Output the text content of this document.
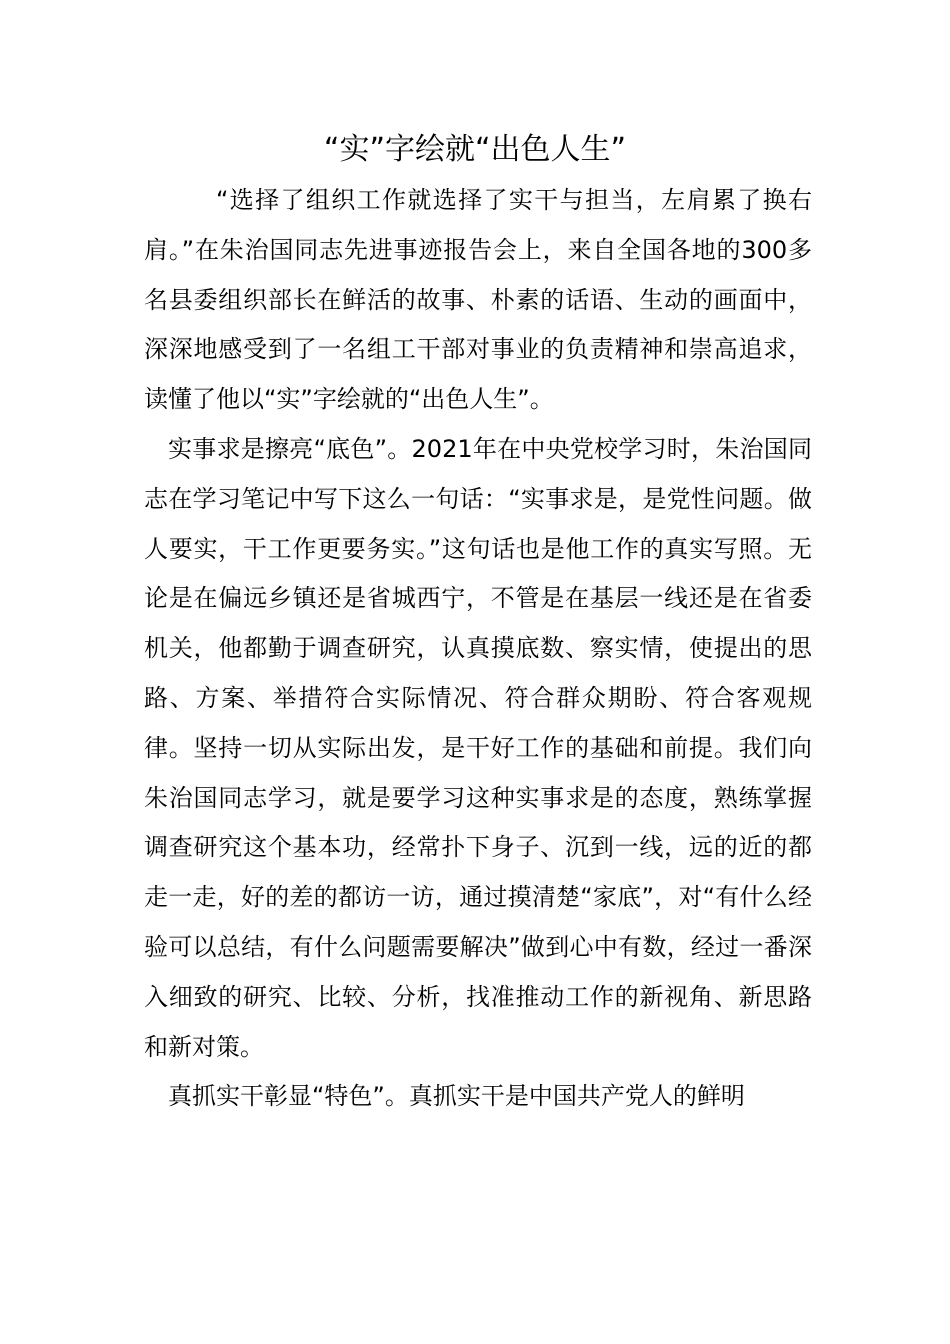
“实”字绘就“出色人生”

“选择了组织工作就选择了实干与担当，左肩累了换右肩。”在朱治国同志先进事迹报告会上，来自全国各地的300多名县委组织部长在鲜活的故事、朴素的话语、生动的画面中，深深地感受到了一名组工干部对事业的负责精神和崇高追求，读懂了他以“实”字绘就的“出色人生”。

实事求是擦亮“底色”。2021年在中央党校学习时，朱治国同志在学习笔记中写下这么一句话：“实事求是，是党性问题。做人要实，干工作更要务实。”这句话也是他工作的真实写照。无论是在偏远乡镇还是省城西宁，不管是在基层一线还是在省委机关，他都勤于调查研究，认真摸底数、察实情，使提出的思路、方案、举措符合实际情况、符合群众期盼、符合客观规律。坚持一切从实际出发，是干好工作的基础和前提。我们向朱治国同志学习，就是要学习这种实事求是的态度，熟练掌握调查研究这个基本功，经常扑下身子、沉到一线，远的近的都走一走，好的差的都访一访，通过摸清楚“家底”，对“有什么经验可以总结，有什么问题需要解决”做到心中有数，经过一番深入细致的研究、比较、分析，找准推动工作的新视角、新思路和新对策。

真抓实干彰显“特色”。真抓实干是中国共产党人的鲜明
